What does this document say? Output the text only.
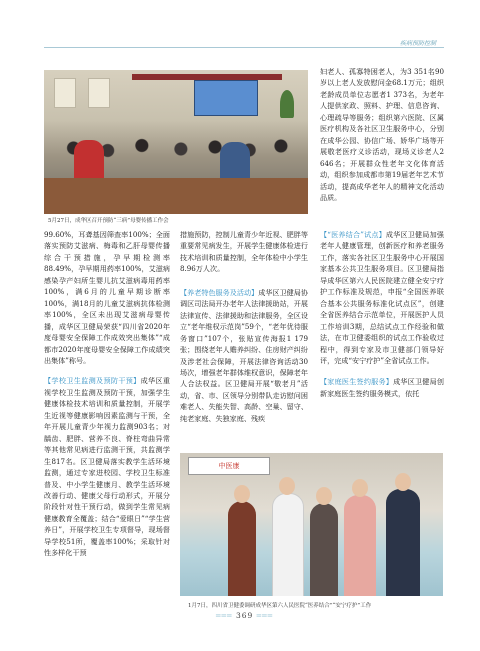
疾病预防控制
5月27日，成华区召开预防“三病”母婴传播工作会

妇老人、孤寡特困老人，为3 351名90岁以上老人发放慰问金68.1万元；组织老龄成员单位志愿者1 373名，为老年人提供家政、照料、护理、信息咨询、心理疏导等服务；组织第六医院、区属医疗机构及各社区卫生服务中心，分别在成华公园、协信广场、娇华广场等开展敬老医疗义诊活动，现场义诊老人2 646名；开展群众性老年文化体育活动，组织参加成都市第19届老年艺术节活动，提高成华老年人的精神文化活动品质。

99.60%，耳聋基因筛查率100%；全面落实预防艾滋病、梅毒和乙肝母婴传播综合干预措施，孕早期检测率88.49%，孕早期用药率100%，艾滋病感染孕产妇所生婴儿抗艾滋病毒用药率100%，满6月的儿童早期诊断率100%，满18月的儿童艾滋病抗体检测率100%，全区未出现艾滋病母婴传播，成华区卫健局荣获“四川省2020年度母婴安全保障工作成效突出集体”“成都市2020年度母婴安全保障工作成绩突出集体”称号。

【学校卫生监测及预防干预】成华区重视学校卫生监测及预防干预，加强学生健康体检技术培训和质量控制，开展学生近视等健康影响因素监测与干预，全年开展儿童青少年视力监测903名；对龋齿、肥胖、营养不良、脊柱弯曲异常等其他常见病进行监测干预，共监测学生817名。区卫健局落实教学生活环境监测，通过专家进校园、学校卫生标准普及、中小学生健康月、教学生活环境改善行动、健康父母行动形式，开展分阶段针对性干预行动，做到学生常见病健康教育全覆盖；结合“爱眼日”“学生营养日”，开展学校卫生专项督导，现场督导学校51所，覆盖率100%；采取针对性多样化干预

措施预防，控制儿童青少年近视、肥胖等重要常见病发生，开展学生健康体检进行技术培训和质量控制，全年体检中小学生8.96万人次。

【养老特色服务及活动】成华区卫健局协调区司法局开办老年人法律援助站，开展法律宣传、法律援助和法律服务，全区设立“老年维权示范岗”59个，“老年优待服务窗口”107个，张贴宣传海报1 179张；围绕老年人赡养纠纷、住房财产纠纷及涉老社会保障，开展法律咨询活动30场次，增强老年群体维权意识，保障老年人合法权益。区卫健局开展“敬老月”活动，省、市、区领导分别带队走访慰问困难老人、失能失智、高龄、空巢、留守、纯老家庭、失独家庭、残疾

【“医养结合”试点】成华区卫健局加强老年人健康管理，创新医疗和养老服务工作，落实各社区卫生服务中心开展国家基本公共卫生服务项目。区卫健局指导成华区第六人民医院建立健全安宁疗护工作标准及规范，申报“全国医养联合基本公共服务标准化试点区”，创建全省医养结合示范单位，开展医护人员工作培训3期，总结试点工作经验和做法，在市卫健委组织的试点工作验收过程中，得到专家及市卫健部门领导好评，完成“安宁疗护”全省试点工作。

【家庭医生签约服务】成华区卫健局创新家庭医生签约服务模式，依托

中医康
1月7日，四川省卫健委调研成华区第六人民医院“医养结合”“安宁疗护”工作
═══ 369 ═══
